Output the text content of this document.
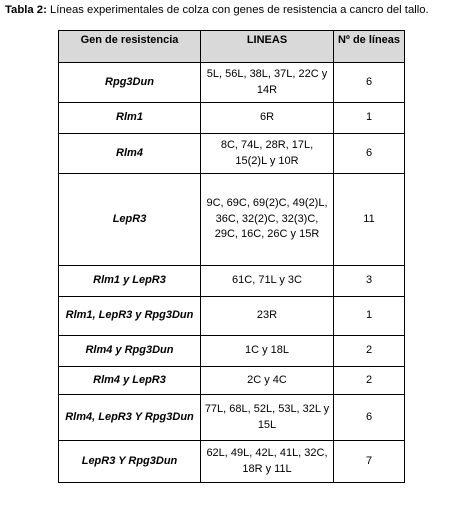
Tabla 2: Líneas experimentales de colza con genes de resistencia a cancro del tallo.
Gen de resistencia	LINEAS	Nº de líneas
Rpg3Dun	5L, 56L, 38L, 37L, 22C y 14R	6
Rlm1	6R	1
Rlm4	8C, 74L, 28R, 17L, 15(2)L y 10R	6
LepR3	9C, 69C, 69(2)C, 49(2)L, 36C, 32(2)C, 32(3)C, 29C, 16C, 26C y 15R	11
Rlm1 y LepR3	61C, 71L y 3C	3
Rlm1, LepR3 y Rpg3Dun	23R	1
Rlm4 y Rpg3Dun	1C y 18L	2
Rlm4 y LepR3	2C y 4C	2
Rlm4, LepR3 Y Rpg3Dun	77L, 68L, 52L, 53L, 32L y 15L	6
LepR3 Y Rpg3Dun	62L, 49L, 42L, 41L, 32C, 18R y 11L	7
